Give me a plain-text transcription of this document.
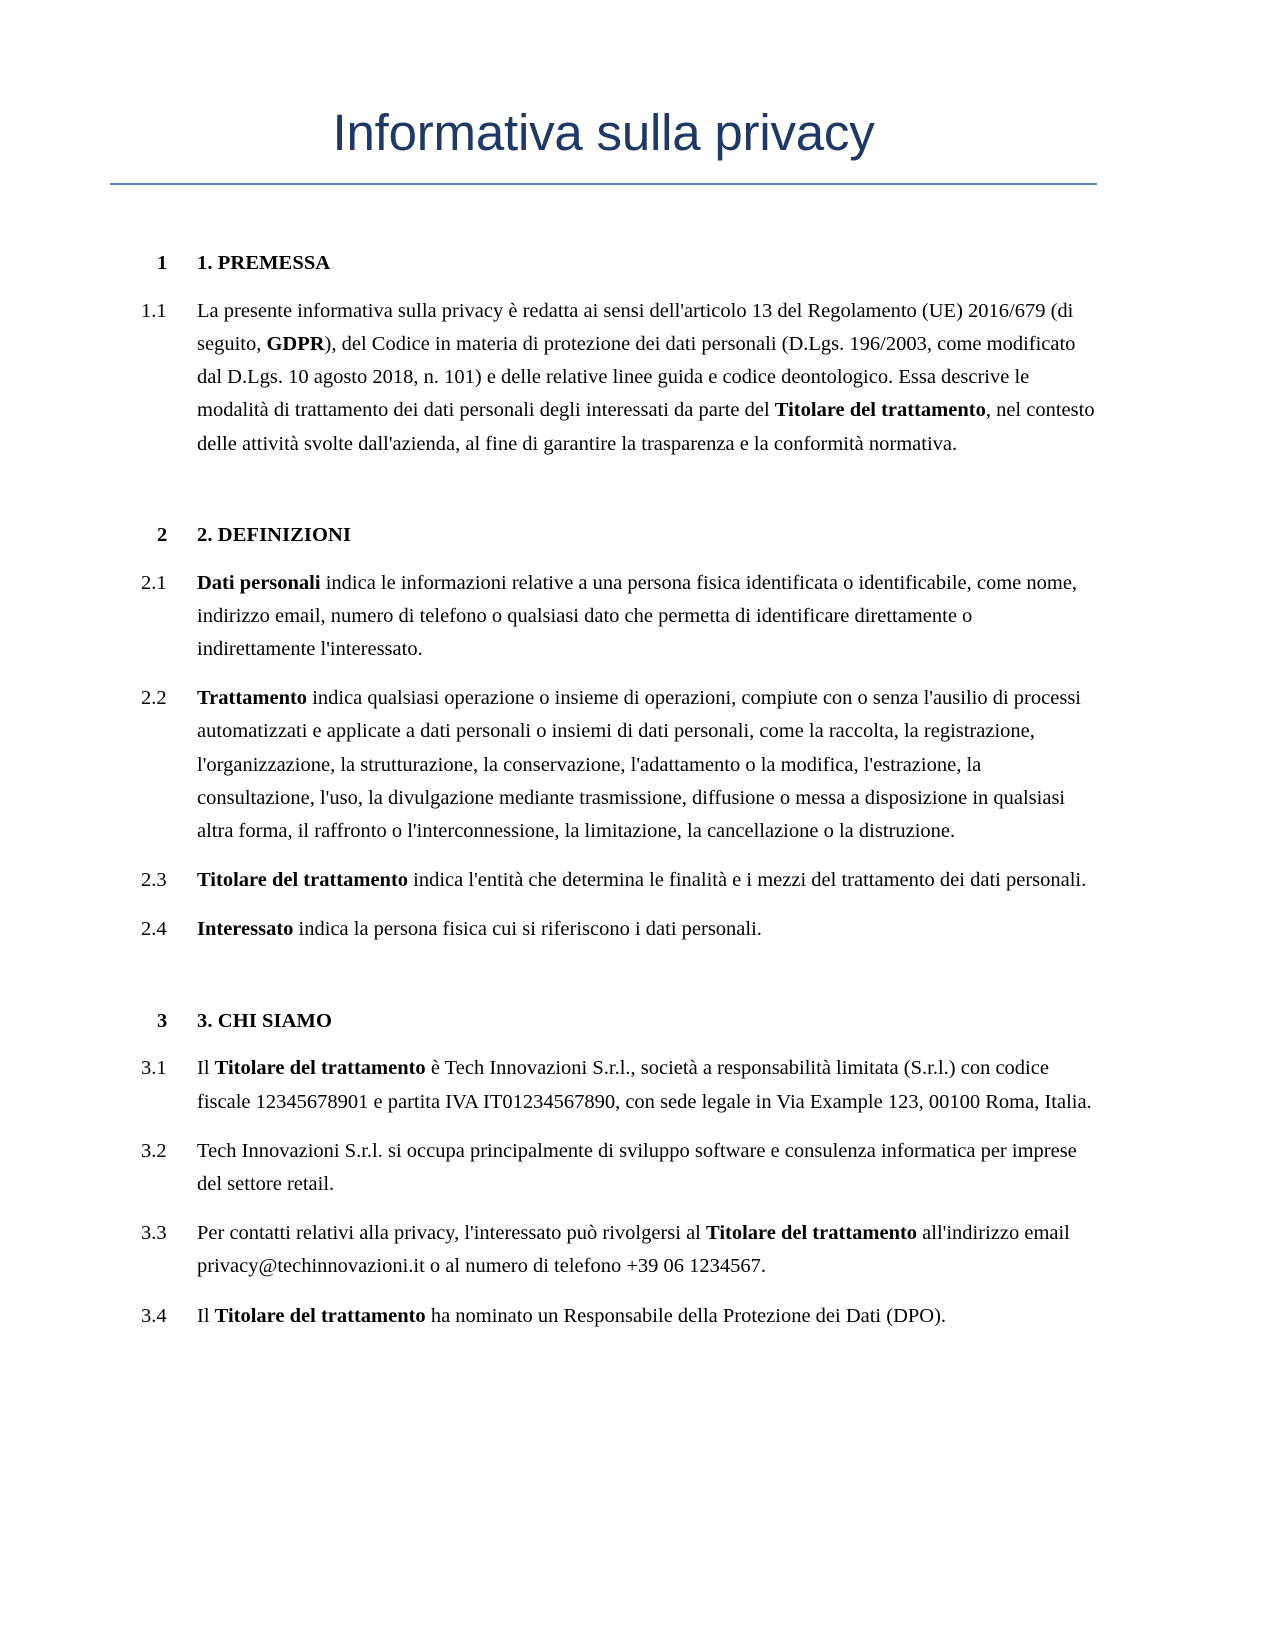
Informativa sulla privacy
1	1. PREMESSA
1.1	La presente informativa sulla privacy è redatta ai sensi dell'articolo 13 del Regolamento (UE) 2016/679 (di seguito, GDPR), del Codice in materia di protezione dei dati personali (D.Lgs. 196/2003, come modificato dal D.Lgs. 10 agosto 2018, n. 101) e delle relative linee guida e codice deontologico. Essa descrive le modalità di trattamento dei dati personali degli interessati da parte del Titolare del trattamento, nel contesto delle attività svolte dall'azienda, al fine di garantire la trasparenza e la conformità normativa.
2	2. DEFINIZIONI
2.1	Dati personali indica le informazioni relative a una persona fisica identificata o identificabile, come nome, indirizzo email, numero di telefono o qualsiasi dato che permetta di identificare direttamente o indirettamente l'interessato.
2.2	Trattamento indica qualsiasi operazione o insieme di operazioni, compiute con o senza l'ausilio di processi automatizzati e applicate a dati personali o insiemi di dati personali, come la raccolta, la registrazione, l'organizzazione, la strutturazione, la conservazione, l'adattamento o la modifica, l'estrazione, la consultazione, l'uso, la divulgazione mediante trasmissione, diffusione o messa a disposizione in qualsiasi altra forma, il raffronto o l'interconnessione, la limitazione, la cancellazione o la distruzione.
2.3	Titolare del trattamento indica l'entità che determina le finalità e i mezzi del trattamento dei dati personali.
2.4	Interessato indica la persona fisica cui si riferiscono i dati personali.
3	3. CHI SIAMO
3.1	Il Titolare del trattamento è Tech Innovazioni S.r.l., società a responsabilità limitata (S.r.l.) con codice fiscale 12345678901 e partita IVA IT01234567890, con sede legale in Via Example 123, 00100 Roma, Italia.
3.2	Tech Innovazioni S.r.l. si occupa principalmente di sviluppo software e consulenza informatica per imprese del settore retail.
3.3	Per contatti relativi alla privacy, l'interessato può rivolgersi al Titolare del trattamento all'indirizzo email privacy@techinnovazioni.it o al numero di telefono +39 06 1234567.
3.4	Il Titolare del trattamento ha nominato un Responsabile della Protezione dei Dati (DPO).
